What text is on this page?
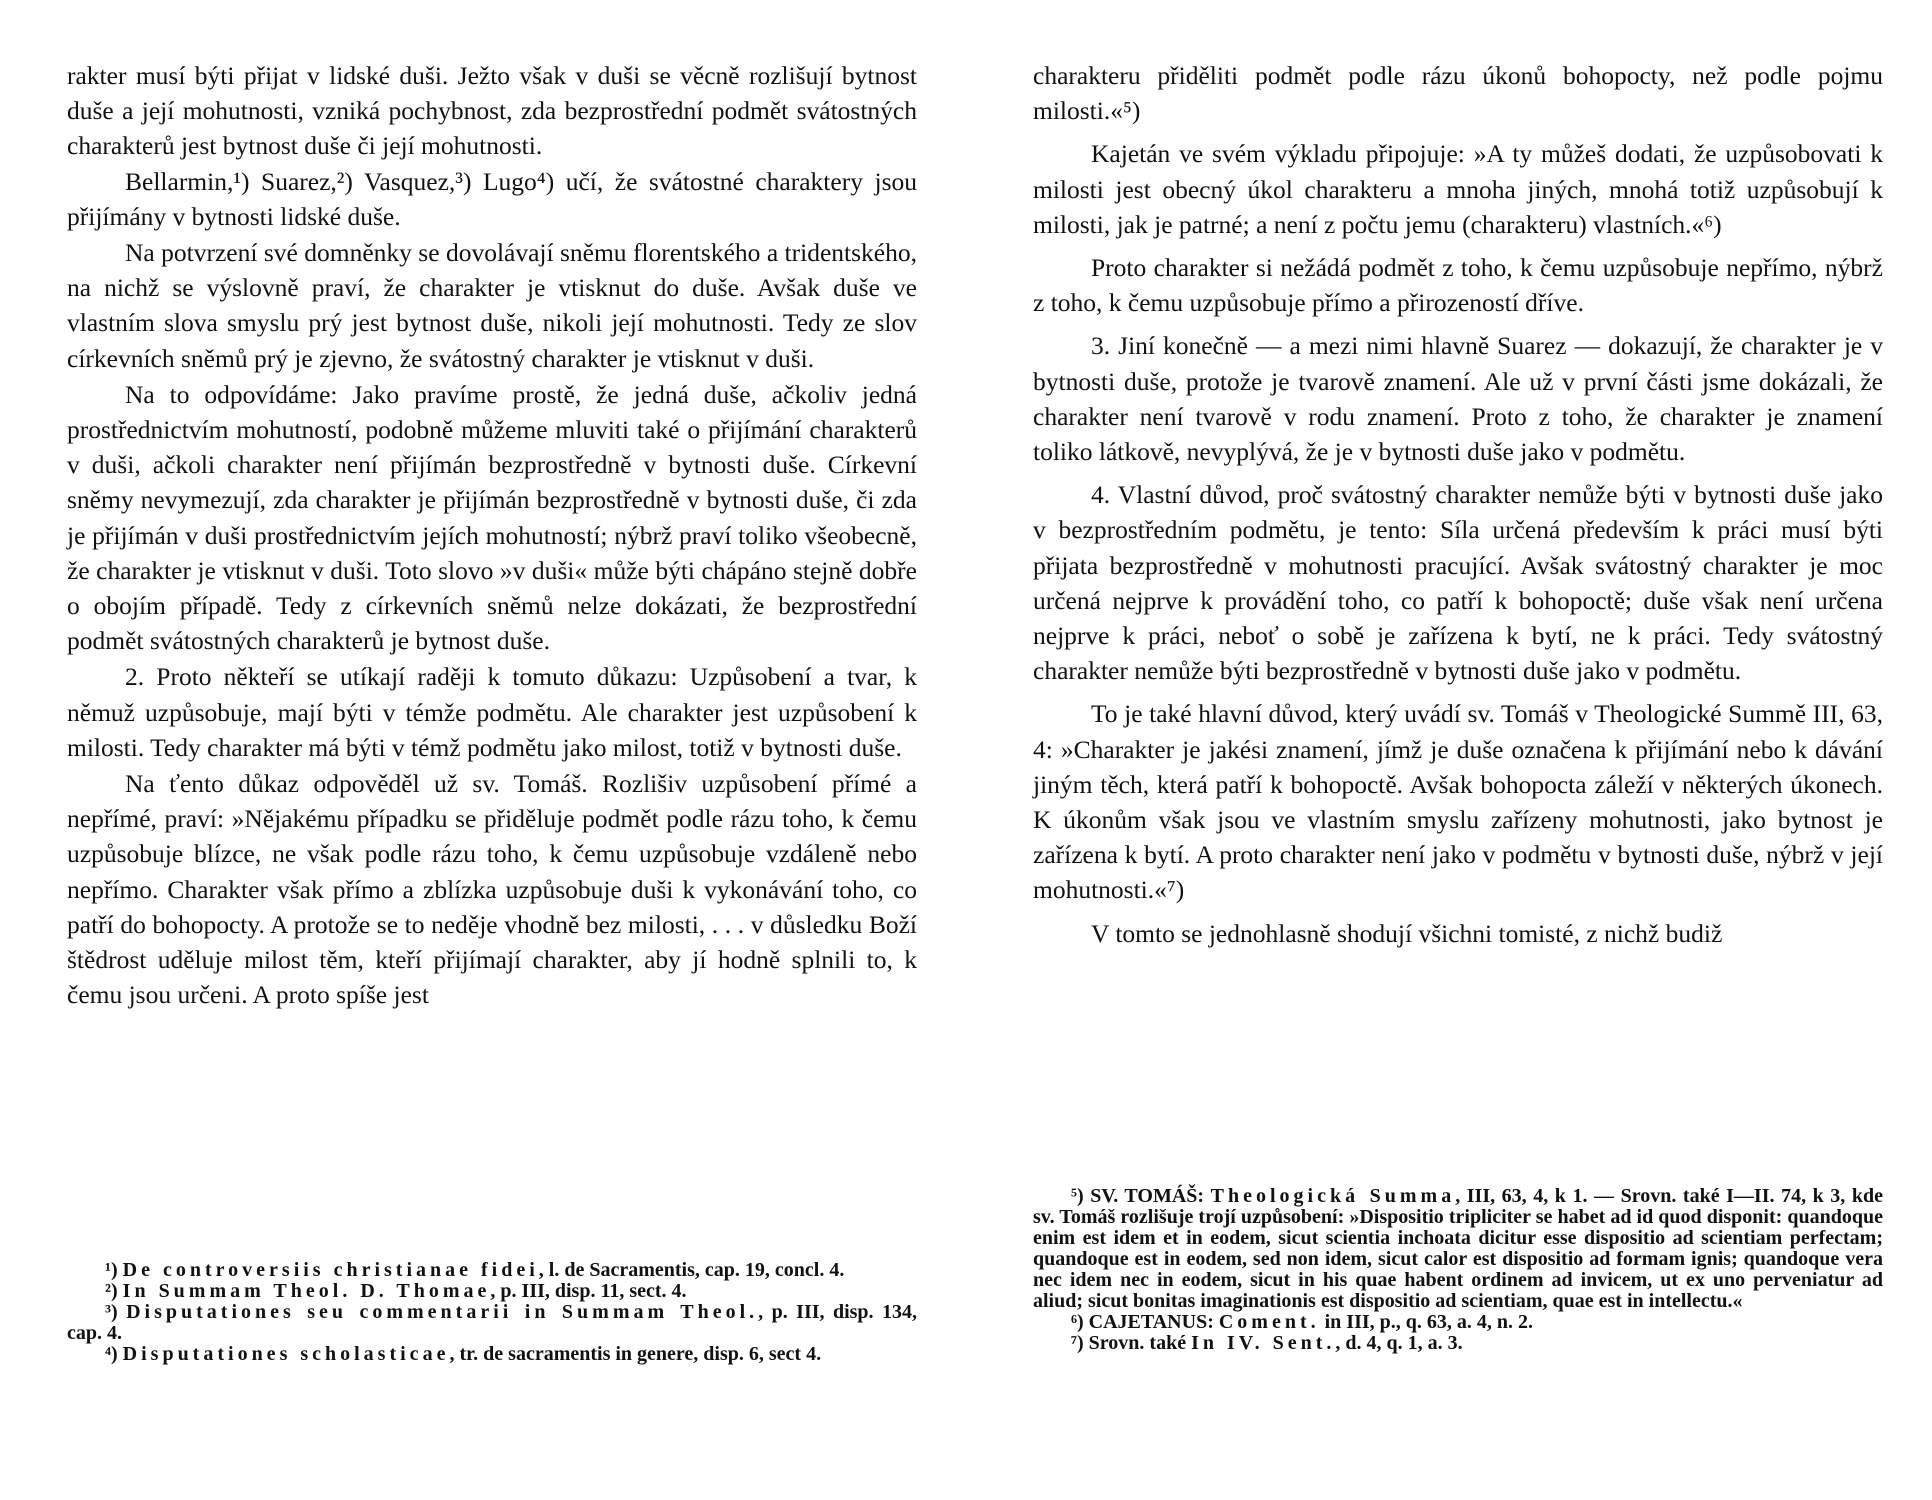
rakter musí býti přijat v lidské duši. Ježto však v duši se věcně rozlišují bytnost duše a její mohutnosti, vzniká pochybnost, zda bezprostřední podmět svátostných charakterů jest bytnost duše či její mohutnosti.

Bellarmin,¹) Suarez,²) Vasquez,³) Lugo⁴) učí, že svátostné charaktery jsou přijímány v bytnosti lidské duše.

Na potvrzení své domněnky se dovolávají sněmu florentského a tridentského, na nichž se výslovně praví, že charakter je vtisknut do duše. Avšak duše ve vlastním slova smyslu prý jest bytnost duše, nikoli její mohutnosti. Tedy ze slov církevních sněmů prý je zjevno, že svátostný charakter je vtisknut v duši.

Na to odpovídáme: Jako pravíme prostě, že jedná duše, ačkoliv jedná prostřednictvím mohutností, podobně můžeme mluviti také o přijímání charakterů v duši, ačkoli charakter není přijímán bezprostředně v bytnosti duše. Církevní sněmy nevymezují, zda charakter je přijímán bezprostředně v bytnosti duše, či zda je přijímán v duši prostřednictvím jejích mohutností; nýbrž praví toliko všeobecně, že charakter je vtisknut v duši. Toto slovo »v duši« může býti chápáno stejně dobře o obojím případě. Tedy z církevních sněmů nelze dokázati, že bezprostřední podmět svátostných charakterů je bytnost duše.

2. Proto někteří se utíkají raději k tomuto důkazu: Uzpůsobení a tvar, k němuž uzpůsobuje, mají býti v témže podmětu. Ale charakter jest uzpůsobení k milosti. Tedy charakter má býti v témž podmětu jako milost, totiž v bytnosti duše.

Na ťento důkaz odpověděl už sv. Tomáš. Rozlišiv uzpůsobení přímé a nepřímé, praví: »Nějakému případku se přiděluje podmět podle rázu toho, k čemu uzpůsobuje blízce, ne však podle rázu toho, k čemu uzpůsobuje vzdáleně nebo nepřímo. Charakter však přímo a zblízka uzpůsobuje duši k vykonávání toho, co patří do bohopocty. A protože se to neděje vhodně bez milosti, . . . v důsledku Boží štědrost uděluje milost těm, kteří přijímají charakter, aby jí hodně splnili to, k čemu jsou určeni. A proto spíše jest

¹) De controversiis christianae fidei, l. de Sacramentis, cap. 19, concl. 4.

²) In Summam Theol. D. Thomae, p. III, disp. 11, sect. 4.

³) Disputationes seu commentarii in Summam Theol., p. III, disp. 134, cap. 4.

⁴) Disputationes scholasticae, tr. de sacramentis in genere, disp. 6, sect 4.

charakteru přiděliti podmět podle rázu úkonů bohopocty, než podle pojmu milosti.«⁵)

Kajetán ve svém výkladu připojuje: »A ty můžeš dodati, že uzpůsobovati k milosti jest obecný úkol charakteru a mnoha jiných, mnohá totiž uzpůsobují k milosti, jak je patrné; a není z počtu jemu (charakteru) vlastních.«⁶)

Proto charakter si nežádá podmět z toho, k čemu uzpůsobuje nepřímo, nýbrž z toho, k čemu uzpůsobuje přímo a přirozeností dříve.

3. Jiní konečně — a mezi nimi hlavně Suarez — dokazují, že charakter je v bytnosti duše, protože je tvarově znamení. Ale už v první části jsme dokázali, že charakter není tvarově v rodu znamení. Proto z toho, že charakter je znamení toliko látkově, nevyplývá, že je v bytnosti duše jako v podmětu.

4. Vlastní důvod, proč svátostný charakter nemůže býti v bytnosti duše jako v bezprostředním podmětu, je tento: Síla určená především k práci musí býti přijata bezprostředně v mohutnosti pracující. Avšak svátostný charakter je moc určená nejprve k provádění toho, co patří k bohopoctě; duše však není určena nejprve k práci, neboť o sobě je zařízena k bytí, ne k práci. Tedy svátostný charakter nemůže býti bezprostředně v bytnosti duše jako v podmětu.

To je také hlavní důvod, který uvádí sv. Tomáš v Theologické Summě III, 63, 4: »Charakter je jakési znamení, jímž je duše označena k přijímání nebo k dávání jiným těch, která patří k bohopoctě. Avšak bohopocta záleží v některých úkonech. K úkonům však jsou ve vlastním smyslu zařízeny mohutnosti, jako bytnost je zařízena k bytí. A proto charakter není jako v podmětu v bytnosti duše, nýbrž v její mohutnosti.«⁷)

V tomto se jednohlasně shodují všichni tomisté, z nichž budiž

⁵) SV. TOMÁŠ: Theologická Summa, III, 63, 4, k 1. — Srovn. také I—II. 74, k 3, kde sv. Tomáš rozlišuje trojí uzpůsobení: »Dispositio tripliciter se habet ad id quod disponit: quandoque enim est idem et in eodem, sicut scientia inchoata dicitur esse dispositio ad scientiam perfectam; quandoque est in eodem, sed non idem, sicut calor est dispositio ad formam ignis; quandoque vera nec idem nec in eodem, sicut in his quae habent ordinem ad invicem, ut ex uno perveniatur ad aliud; sicut bonitas imaginationis est dispositio ad scientiam, quae est in intellectu.«

⁶) CAJETANUS: Coment. in III, p., q. 63, a. 4, n. 2.

⁷) Srovn. také In IV. Sent., d. 4, q. 1, a. 3.
